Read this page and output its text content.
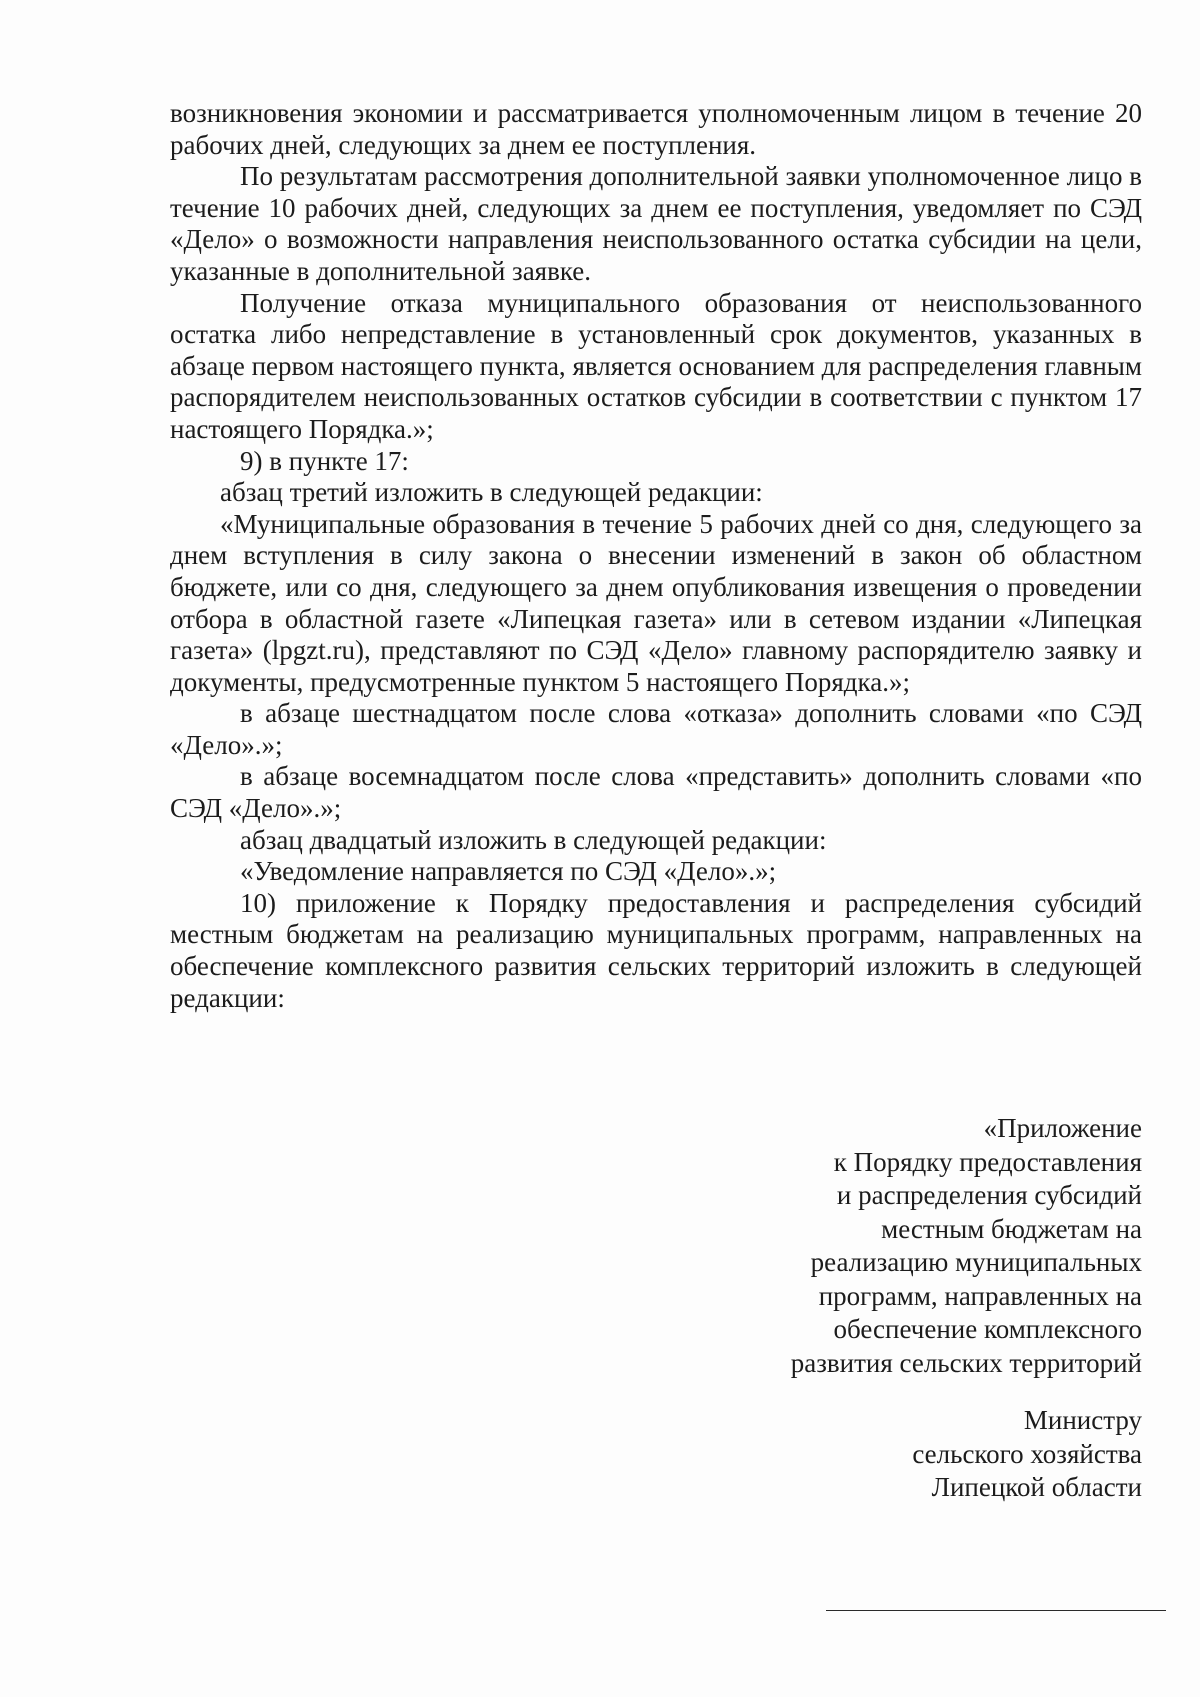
возникновения экономии и рассматривается уполномоченным лицом в течение 20 рабочих дней, следующих за днем ее поступления.

По результатам рассмотрения дополнительной заявки уполномоченное лицо в течение 10 рабочих дней, следующих за днем ее поступления, уведомляет по СЭД «Дело» о возможности направления неиспользованного остатка субсидии на цели, указанные в дополнительной заявке.

Получение отказа муниципального образования от неиспользованного остатка либо непредставление в установленный срок документов, указанных в абзаце первом настоящего пункта, является основанием для распределения главным распорядителем неиспользованных остатков субсидии в соответствии с пунктом 17 настоящего Порядка.»;

9) в пункте 17:

абзац третий изложить в следующей редакции:

«Муниципальные образования в течение 5 рабочих дней со дня, следующего за днем вступления в силу закона о внесении изменений в закон об областном бюджете, или со дня, следующего за днем опубликования извещения о проведении отбора в областной газете «Липецкая газета» или в сетевом издании «Липецкая газета» (lpgzt.ru), представляют по СЭД «Дело» главному распорядителю заявку и документы, предусмотренные пунктом 5 настоящего Порядка.»;

в абзаце шестнадцатом после слова «отказа» дополнить словами «по СЭД «Дело».»;

в абзаце восемнадцатом после слова «представить» дополнить словами «по СЭД «Дело».»;

абзац двадцатый изложить в следующей редакции:

«Уведомление направляется по СЭД «Дело».»;

10) приложение к Порядку предоставления и распределения субсидий местным бюджетам на реализацию муниципальных программ, направленных на обеспечение комплексного развития сельских территорий изложить в следующей редакции:

«Приложение
к Порядку предоставления
и распределения субсидий
местным бюджетам на
реализацию муниципальных
программ, направленных на
обеспечение комплексного
развития сельских территорий
Министру
сельского хозяйства
Липецкой области
